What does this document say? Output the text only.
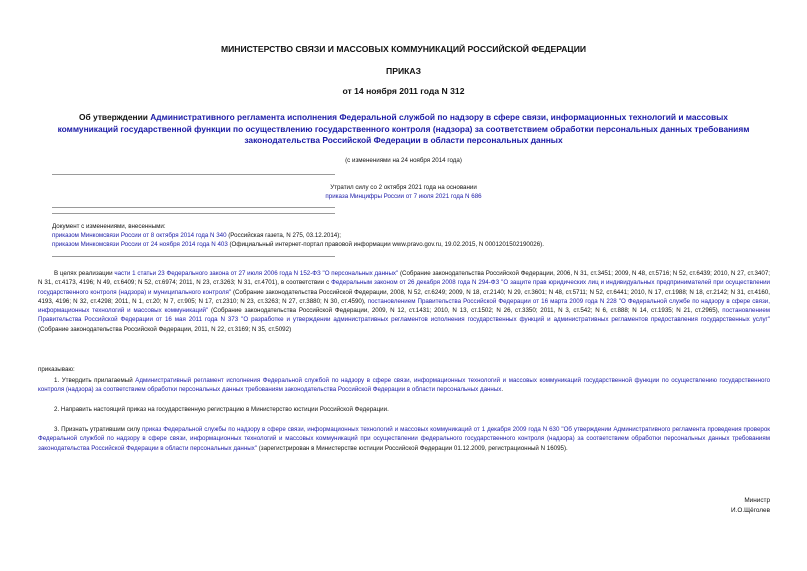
МИНИСТЕРСТВО СВЯЗИ И МАССОВЫХ КОММУНИКАЦИЙ РОССИЙСКОЙ ФЕДЕРАЦИИ
ПРИКАЗ
от 14 ноября 2011 года N 312
Об утверждении Административного регламента исполнения Федеральной службой по надзору в сфере связи, информационных технологий и массовых коммуникаций государственной функции по осуществлению государственного контроля (надзора) за соответствием обработки персональных данных требованиям законодательства Российской Федерации в области персональных данных
(с изменениями на 24 ноября 2014 года)
Утратил силу со 2 октября 2021 года на основании
приказа Минцифры России от 7 июля 2021 года N 686
Документ с изменениями, внесенными:
приказом Минкомсвязи России от 8 октября 2014 года N 340 (Российская газета, N 275, 03.12.2014);
приказом Минкомсвязи России от 24 ноября 2014 года N 403 (Официальный интернет-портал правовой информации www.pravo.gov.ru, 19.02.2015, N 0001201502190026).

В целях реализации части 1 статьи 23 Федерального закона от 27 июля 2006 года N 152-ФЗ "О персональных данных" (Собрание законодательства Российской Федерации, 2006, N 31, ст.3451; 2009, N 48, ст.5716; N 52, ст.6439; 2010, N 27, ст.3407; N 31, ст.4173, 4196; N 49, ст.6409; N 52, ст.6974; 2011, N 23, ст.3263; N 31, ст.4701), в соответствии с Федеральным законом от 26 декабря 2008 года N 294-ФЗ "О защите прав юридических лиц и индивидуальных предпринимателей при осуществлении государственного контроля (надзора) и муниципального контроля" (Собрание законодательства Российской Федерации, 2008, N 52, ст.6249; 2009, N 18, ст.2140; N 29, ст.3601; N 48, ст.5711; N 52, ст.6441; 2010, N 17, ст.1988; N 18, ст.2142; N 31, ст.4160, 4193, 4196; N 32, ст.4298; 2011, N 1, ст.20; N 7, ст.905; N 17, ст.2310; N 23, ст.3263; N 27, ст.3880; N 30, ст.4590), постановлением Правительства Российской Федерации от 16 марта 2009 года N 228 "О Федеральной службе по надзору в сфере связи, информационных технологий и массовых коммуникаций" (Собрание законодательства Российской Федерации, 2009, N 12, ст.1431; 2010, N 13, ст.1502; N 26, ст.3350; 2011, N 3, ст.542; N 6, ст.888; N 14, ст.1935; N 21, ст.2965), постановлением Правительства Российской Федерации от 16 мая 2011 года N 373 "О разработке и утверждении административных регламентов исполнения государственных функций и административных регламентов предоставления государственных услуг" (Собрание законодательства Российской Федерации, 2011, N 22, ст.3169; N 35, ст.5092)

приказываю:

1. Утвердить прилагаемый Административный регламент исполнения Федеральной службой по надзору в сфере связи, информационных технологий и массовых коммуникаций государственной функции по осуществлению государственного контроля (надзора) за соответствием обработки персональных данных требованиям законодательства Российской Федерации в области персональных данных.

2. Направить настоящий приказ на государственную регистрацию в Министерство юстиции Российской Федерации.

3. Признать утратившим силу приказ Федеральной службы по надзору в сфере связи, информационных технологий и массовых коммуникаций от 1 декабря 2009 года N 630 "Об утверждении Административного регламента проведения проверок Федеральной службой по надзору в сфере связи, информационных технологий и массовых коммуникаций при осуществлении федерального государственного контроля (надзора) за соответствием обработки персональных данных требованиям законодательства Российской Федерации в области персональных данных" (зарегистрирован в Министерстве юстиции Российской Федерации 01.12.2009, регистрационный N 16095).

Министр
И.О.Щёголев
